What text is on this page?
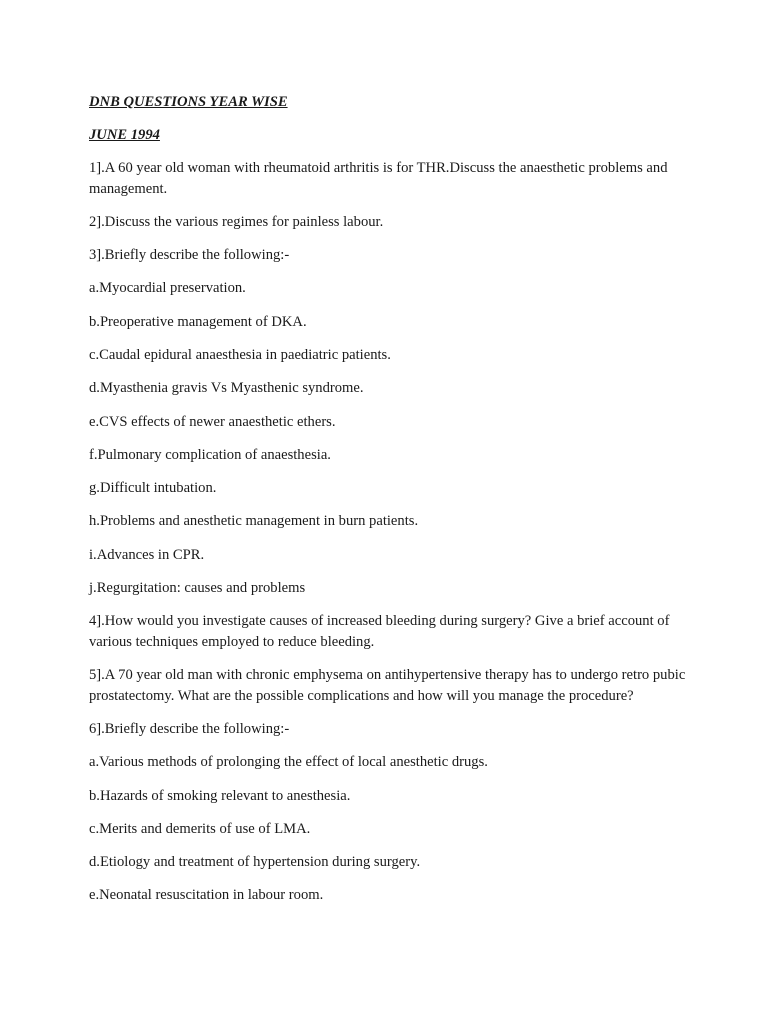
DNB QUESTIONS YEAR WISE

JUNE 1994

1].A 60 year old woman with rheumatoid arthritis is for THR.Discuss the anaesthetic problems and management.

2].Discuss the various regimes for painless labour.

3].Briefly describe the following:-

a.Myocardial preservation.

b.Preoperative management of DKA.

c.Caudal epidural anaesthesia in paediatric patients.

d.Myasthenia gravis Vs Myasthenic syndrome.

e.CVS effects of newer anaesthetic ethers.

f.Pulmonary complication of anaesthesia.

g.Difficult intubation.

h.Problems and anesthetic management in burn patients.

i.Advances in CPR.

j.Regurgitation: causes and problems

4].How would you investigate causes of increased bleeding during surgery? Give a brief account of various techniques employed to reduce bleeding.

5].A 70 year old man with chronic emphysema on antihypertensive therapy has to undergo retro pubic prostatectomy. What are the possible complications and how will you manage the procedure?

6].Briefly describe the following:-

a.Various methods of prolonging the effect of local anesthetic drugs.

b.Hazards of smoking relevant to anesthesia.

c.Merits and demerits of use of LMA.

d.Etiology and treatment of hypertension during surgery.

e.Neonatal resuscitation in labour room.
